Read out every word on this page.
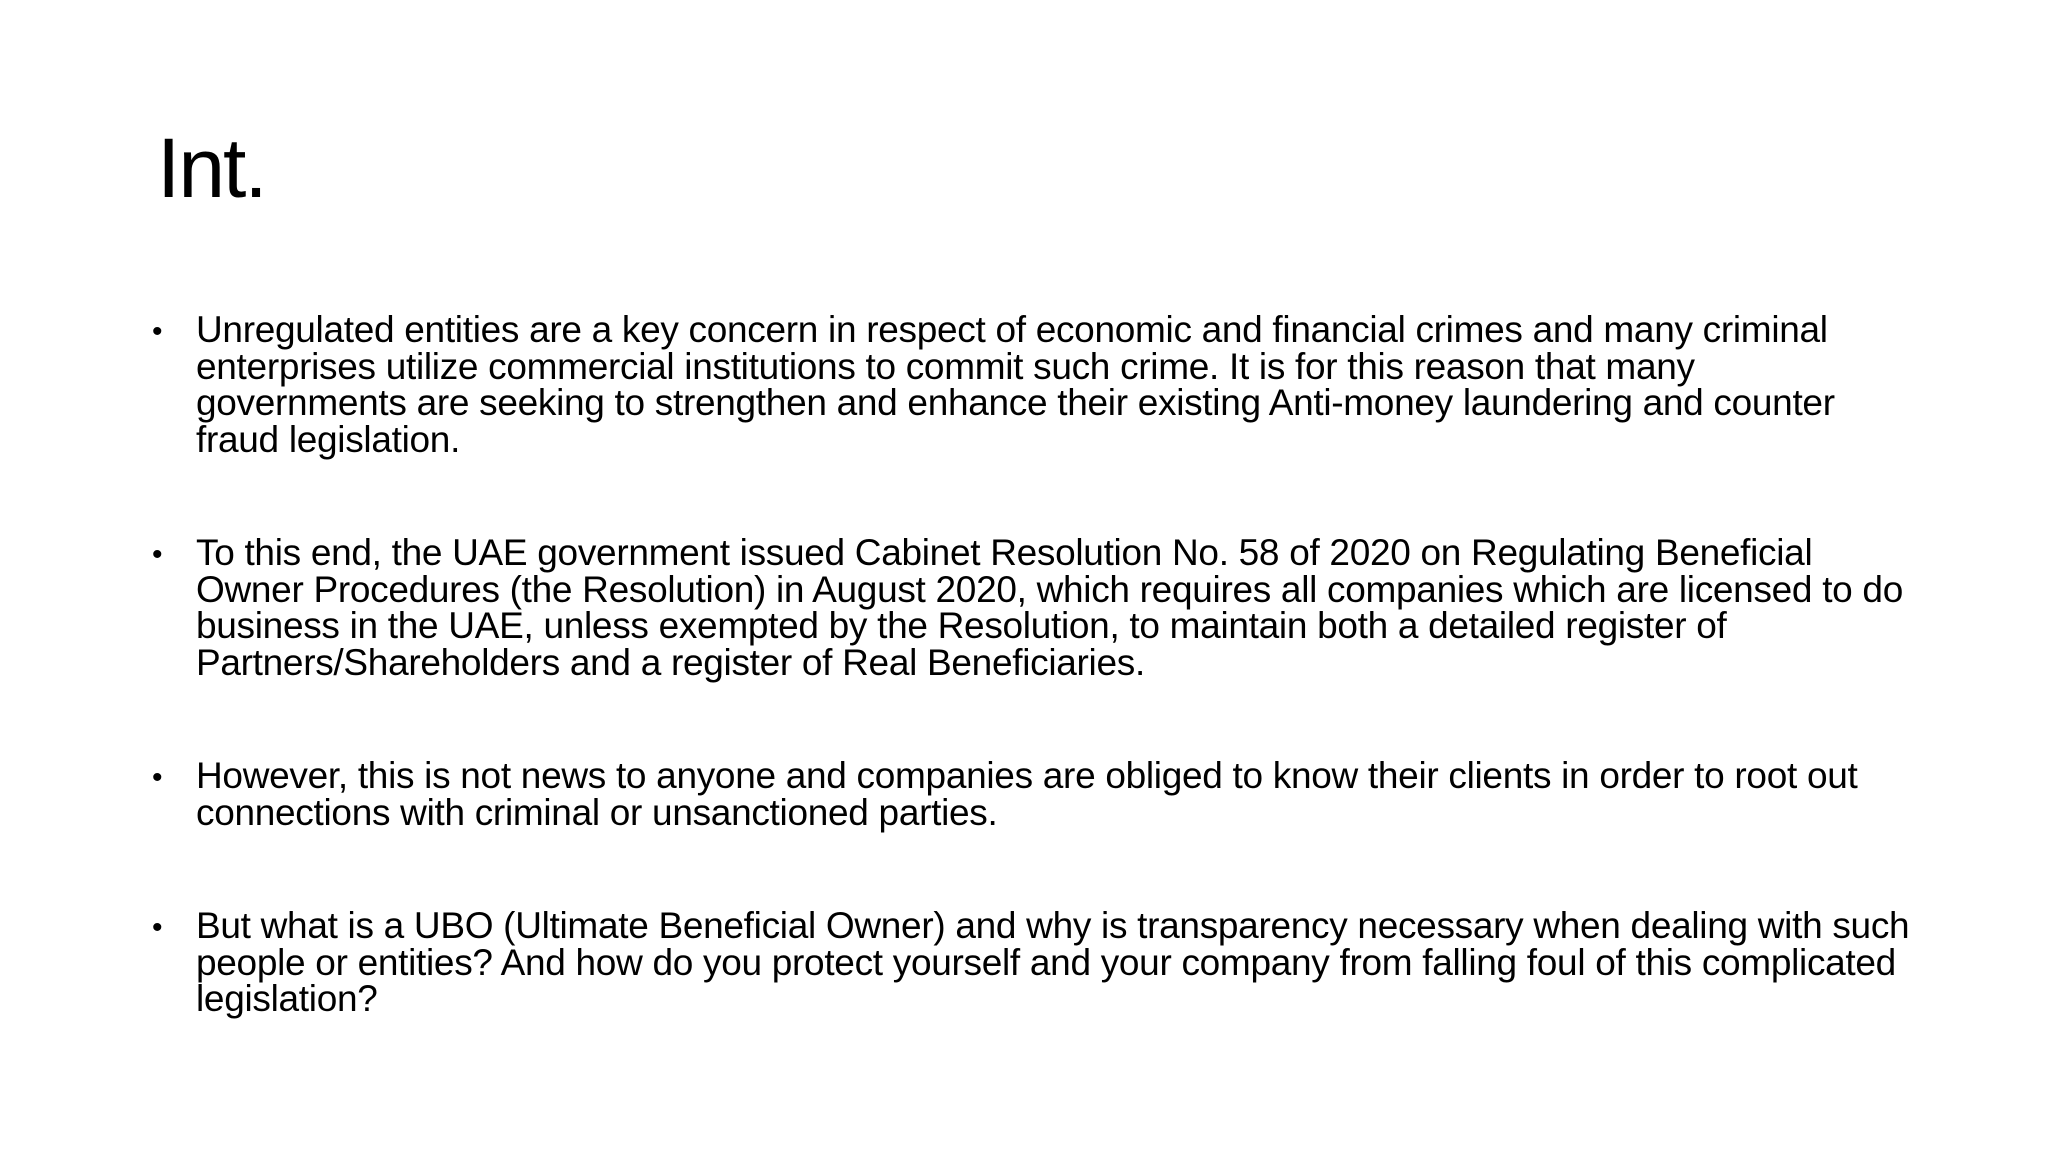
Int.
• Unregulated entities are a key concern in respect of economic and financial crimes and many criminal enterprises utilize commercial institutions to commit such crime. It is for this reason that many governments are seeking to strengthen and enhance their existing Anti-money laundering and counter fraud legislation.
• To this end, the UAE government issued Cabinet Resolution No. 58 of 2020 on Regulating Beneficial Owner Procedures (the Resolution) in August 2020, which requires all companies which are licensed to do business in the UAE, unless exempted by the Resolution, to maintain both a detailed register of Partners/Shareholders and a register of Real Beneficiaries.
• However, this is not news to anyone and companies are obliged to know their clients in order to root out connections with criminal or unsanctioned parties.
• But what is a UBO (Ultimate Beneficial Owner) and why is transparency necessary when dealing with such people or entities? And how do you protect yourself and your company from falling foul of this complicated legislation?
